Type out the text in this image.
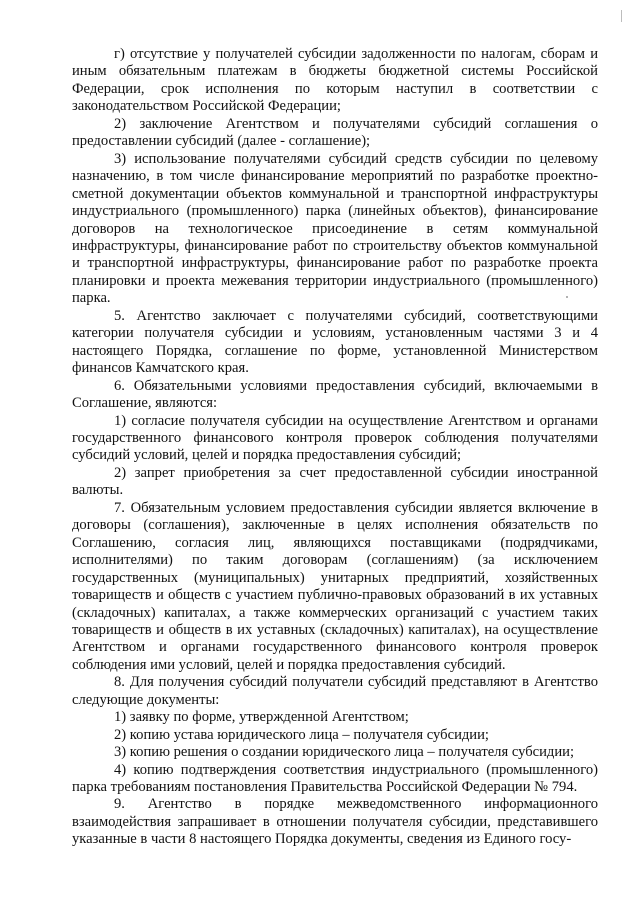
г) отсутствие у получателей субсидии задолженности по налогам, сборам и иным обязательным платежам в бюджеты бюджетной системы Российской Федерации, срок исполнения по которым наступил в соответствии с законодательством Российской Федерации;

2) заключение Агентством и получателями субсидий соглашения о предоставлении субсидий (далее - соглашение);

3) использование получателями субсидий средств субсидии по целевому назначению, в том числе финансирование мероприятий по разработке проектно-сметной документации объектов коммунальной и транспортной инфраструктуры индустриального (промышленного) парка (линейных объектов), финансирование договоров на технологическое присоединение в сетям коммунальной инфраструктуры, финансирование работ по строительству объектов коммунальной и транспортной инфраструктуры, финансирование работ по разработке проекта планировки и проекта межевания территории индустриального (промышленного) парка.

5. Агентство заключает с получателями субсидий, соответствующими категории получателя субсидии и условиям, установленным частями 3 и 4 настоящего Порядка, соглашение по форме, установленной Министерством финансов Камчатского края.

6. Обязательными условиями предоставления субсидий, включаемыми в Соглашение, являются:

1) согласие получателя субсидии на осуществление Агентством и органами государственного финансового контроля проверок соблюдения получателями субсидий условий, целей и порядка предоставления субсидий;

2) запрет приобретения за счет предоставленной субсидии иностранной валюты.

7. Обязательным условием предоставления субсидии является включение в договоры (соглашения), заключенные в целях исполнения обязательств по Соглашению, согласия лиц, являющихся поставщиками (подрядчиками, исполнителями) по таким договорам (соглашениям) (за исключением государственных (муниципальных) унитарных предприятий, хозяйственных товариществ и обществ с участием публично-правовых образований в их уставных (складочных) капиталах, а также коммерческих организаций с участием таких товариществ и обществ в их уставных (складочных) капиталах), на осуществление Агентством и органами государственного финансового контроля проверок соблюдения ими условий, целей и порядка предоставления субсидий.

8. Для получения субсидий получатели субсидий представляют в Агентство следующие документы:

1) заявку по форме, утвержденной Агентством;

2) копию устава юридического лица – получателя субсидии;

3) копию решения о создании юридического лица – получателя субсидии;

4) копию подтверждения соответствия индустриального (промышленного) парка требованиям постановления Правительства Российской Федерации № 794.

9. Агентство в порядке межведомственного информационного взаимодействия запрашивает в отношении получателя субсидии, представившего указанные в части 8 настоящего Порядка документы, сведения из Единого госу-
